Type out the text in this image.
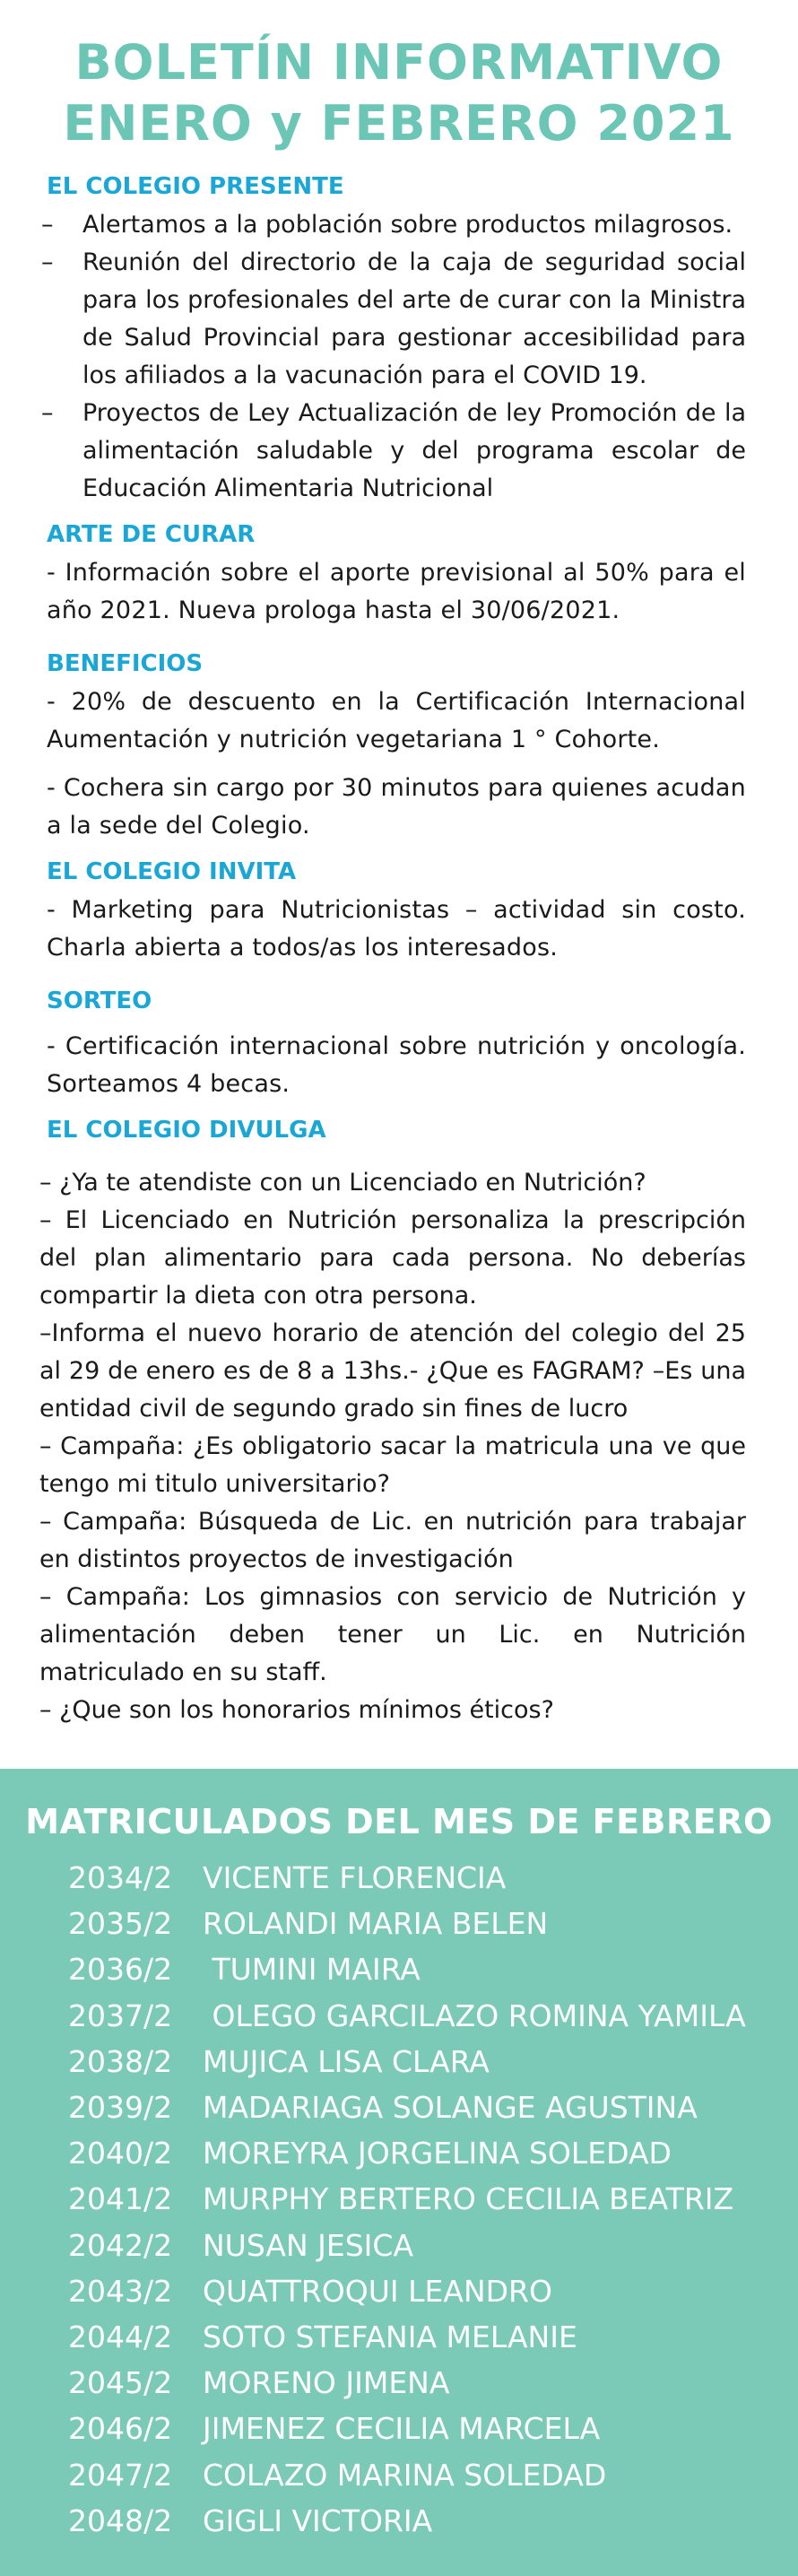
BOLETÍN INFORMATIVO
ENERO y FEBRERO 2021
EL COLEGIO PRESENTE
– Alertamos a la población sobre productos milagrosos.
– Reunión del directorio de la caja de seguridad social para los profesionales del arte de curar con la Ministra de Salud Provincial para gestionar accesibilidad para los afiliados a la vacunación para el COVID 19.
– Proyectos de Ley Actualización de ley Promoción de la alimentación saludable y del programa escolar de Educación Alimentaria Nutricional
ARTE DE CURAR

- Información sobre el aporte previsional al 50% para el año 2021. Nueva prologa hasta el 30/06/2021.

BENEFICIOS

- 20% de descuento en la Certificación Internacional Aumentación y nutrición vegetariana 1 ° Cohorte.

- Cochera sin cargo por 30 minutos para quienes acudan a la sede del Colegio.

EL COLEGIO INVITA

- Marketing para Nutricionistas – actividad sin costo. Charla abierta a todos/as los interesados.

SORTEO

- Certificación internacional sobre nutrición y oncología. Sorteamos 4 becas.

EL COLEGIO DIVULGA

– ¿Ya te atendiste con un Licenciado en Nutrición?

– El Licenciado en Nutrición personaliza la prescripción del plan alimentario para cada persona. No deberías compartir la dieta con otra persona.

–Informa el nuevo horario de atención del colegio del 25 al 29 de enero es de 8 a 13hs.- ¿Que es FAGRAM? –Es una entidad civil de segundo grado sin fines de lucro

– Campaña: ¿Es obligatorio sacar la matricula una ve que tengo mi titulo universitario?

– Campaña: Búsqueda de Lic. en nutrición para trabajar en distintos proyectos de investigación

– Campaña: Los gimnasios con servicio de Nutrición y alimentación deben tener un Lic. en Nutrición matriculado en su staff.

– ¿Que son los honorarios mínimos éticos?

MATRICULADOS DEL MES DE FEBRERO
2034/2 VICENTE FLORENCIA
2035/2 ROLANDI MARIA BELEN
2036/2 TUMINI MAIRA
2037/2 OLEGO GARCILAZO ROMINA YAMILA
2038/2 MUJICA LISA CLARA
2039/2 MADARIAGA SOLANGE AGUSTINA
2040/2 MOREYRA JORGELINA SOLEDAD
2041/2 MURPHY BERTERO CECILIA BEATRIZ
2042/2 NUSAN JESICA
2043/2 QUATTROQUI LEANDRO
2044/2 SOTO STEFANIA MELANIE
2045/2 MORENO JIMENA
2046/2 JIMENEZ CECILIA MARCELA
2047/2 COLAZO MARINA SOLEDAD
2048/2 GIGLI VICTORIA
